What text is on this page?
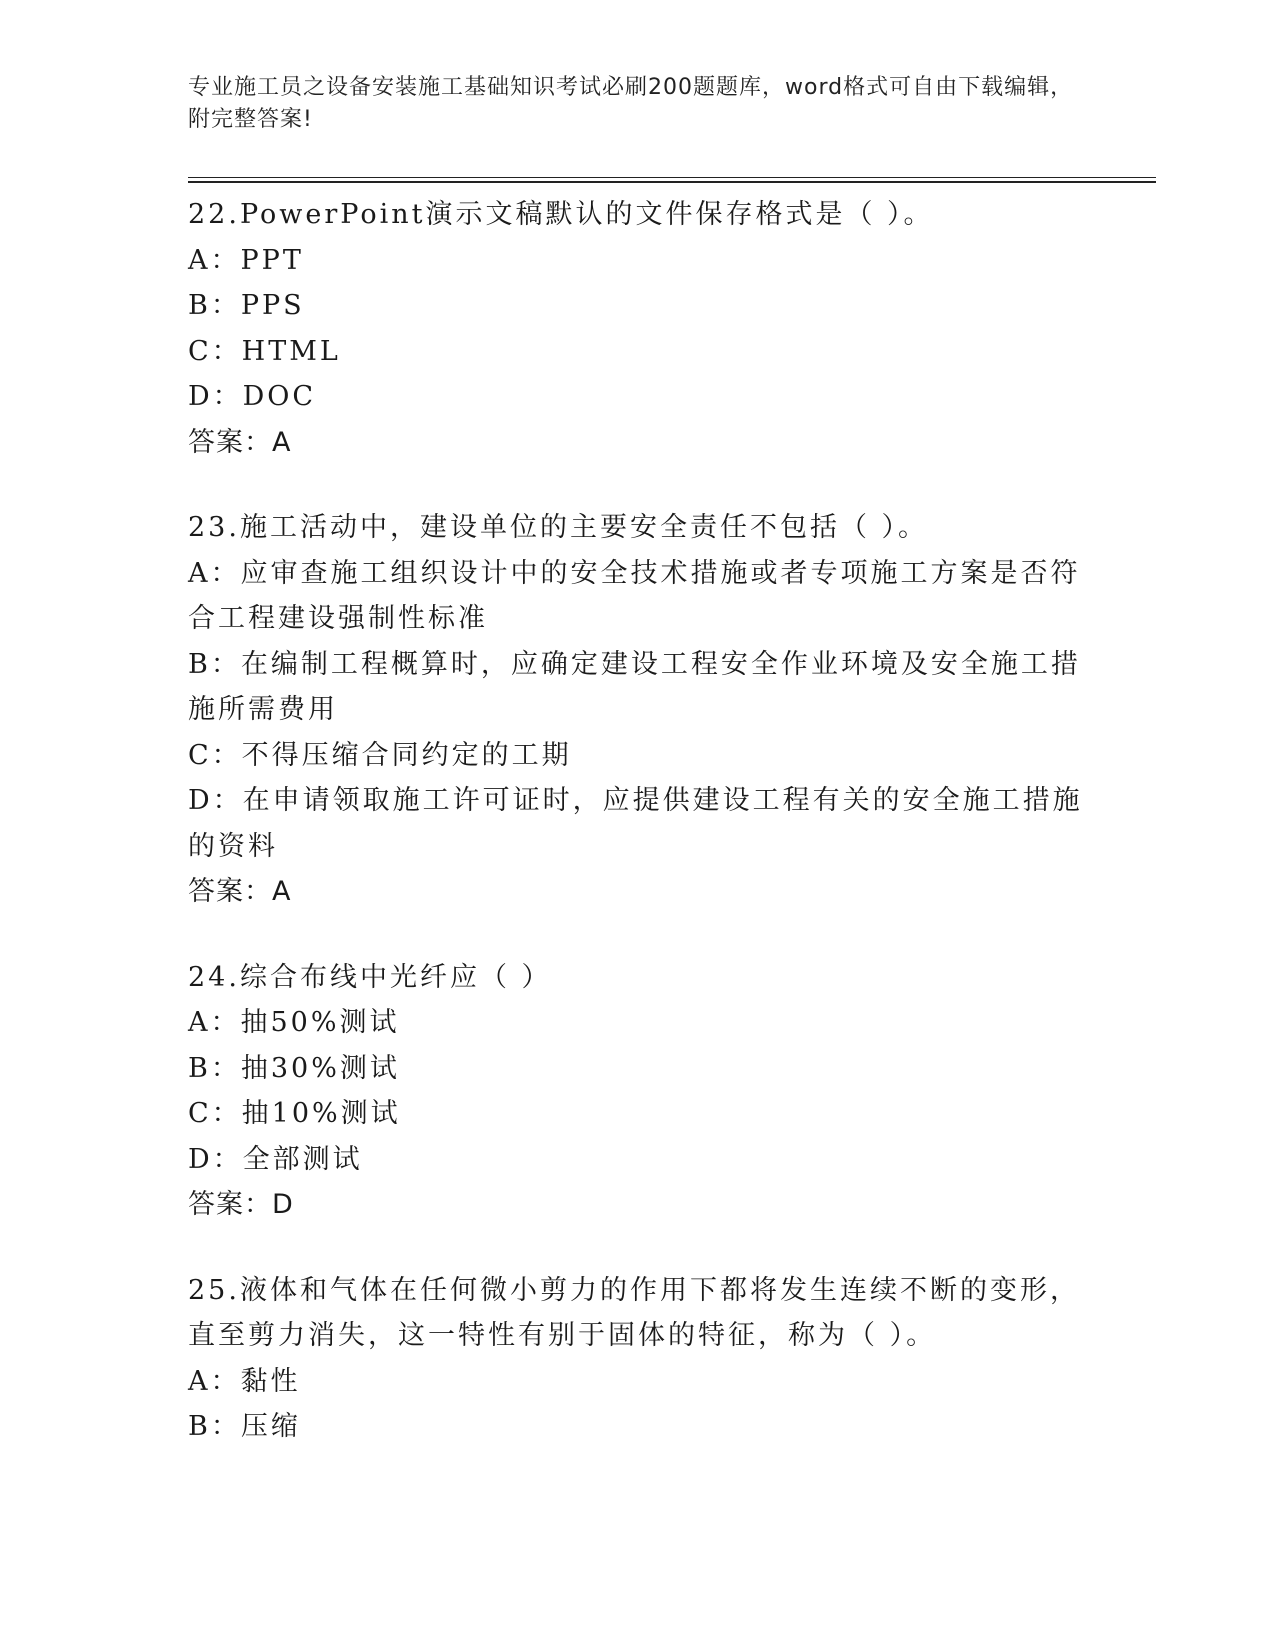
专业施工员之设备安装施工基础知识考试必刷200题题库，word格式可自由下载编辑，附完整答案!
22.PowerPoint演示文稿默认的文件保存格式是（ ）。
A：PPT
B：PPS
C：HTML
D：DOC
答案：A
23.施工活动中，建设单位的主要安全责任不包括（ ）。
A：应审查施工组织设计中的安全技术措施或者专项施工方案是否符合工程建设强制性标准
B：在编制工程概算时，应确定建设工程安全作业环境及安全施工措施所需费用
C：不得压缩合同约定的工期
D：在申请领取施工许可证时，应提供建设工程有关的安全施工措施的资料
答案：A
24.综合布线中光纤应（ ）
A：抽50%测试
B：抽30%测试
C：抽10%测试
D：全部测试
答案：D
25.液体和气体在任何微小剪力的作用下都将发生连续不断的变形，直至剪力消失，这一特性有别于固体的特征，称为（ ）。
A：黏性
B：压缩
